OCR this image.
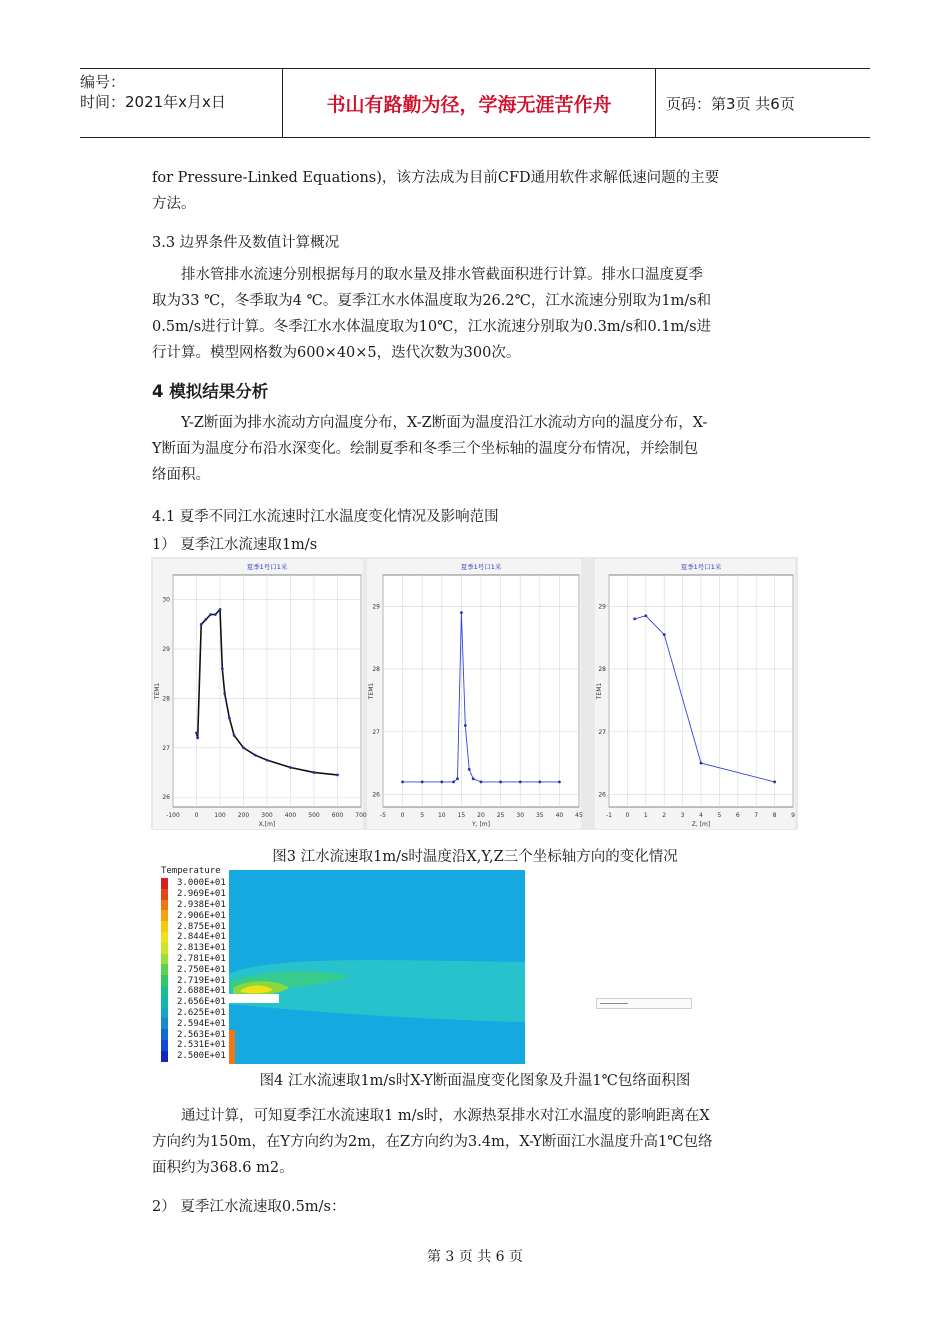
编号：
时间：2021年x月x日	书山有路勤为径，学海无涯苦作舟	页码：第3页 共6页
for Pressure-Linked Equations)，该方法成为目前CFD通用软件求解低速问题的主要
方法。
3.3 边界条件及数值计算概况
排水管排水流速分别根据每月的取水量及排水管截面积进行计算。排水口温度夏季
取为33 ℃，冬季取为4 ℃。夏季江水水体温度取为26.2℃，江水流速分别取为1m/s和
0.5m/s进行计算。冬季江水水体温度取为10℃，江水流速分别取为0.3m/s和0.1m/s进
行计算。模型网格数为600×40×5，迭代次数为300次。
4 模拟结果分析
Y-Z断面为排水流动方向温度分布，X-Z断面为温度沿江水流动方向的温度分布，X-
Y断面为温度分布沿水深变化。绘制夏季和冬季三个坐标轴的温度分布情况，并绘制包
络面积。
4.1 夏季不同江水流速时江水温度变化情况及影响范围
1） 夏季江水流速取1m/s
-100 0	100 200 300 400 500 600 700
30
29
28
27
26
夏季1号口1米
X,[m]
TEM1
-5 0	5 10 15 20 25 30 35 40 45
29
28
27
26
夏季1号口1米
Y, [m]
TEM1
-1 0 1 2 3 4 5 6 7 8 9
29
28
27
26
夏季1号口1米
Z, [m]
TEM1
图3 江水流速取1m/s时温度沿X,Y,Z三个坐标轴方向的变化情况
Temperature
3.000E+01
2.969E+01
2.938E+01
2.906E+01
2.875E+01
2.844E+01
2.813E+01
2.781E+01
2.750E+01
2.719E+01
2.688E+01
2.656E+01
2.625E+01
2.594E+01
2.563E+01
2.531E+01
2.500E+01
图4 江水流速取1m/s时X-Y断面温度变化图象及升温1℃包络面积图
通过计算，可知夏季江水流速取1 m/s时，水源热泵排水对江水温度的影响距离在X
方向约为150m，在Y方向约为2m，在Z方向约为3.4m，X-Y断面江水温度升高1℃包络
面积约为368.6 m2。
2） 夏季江水流速取0.5m/s：
第 3 页 共 6 页
